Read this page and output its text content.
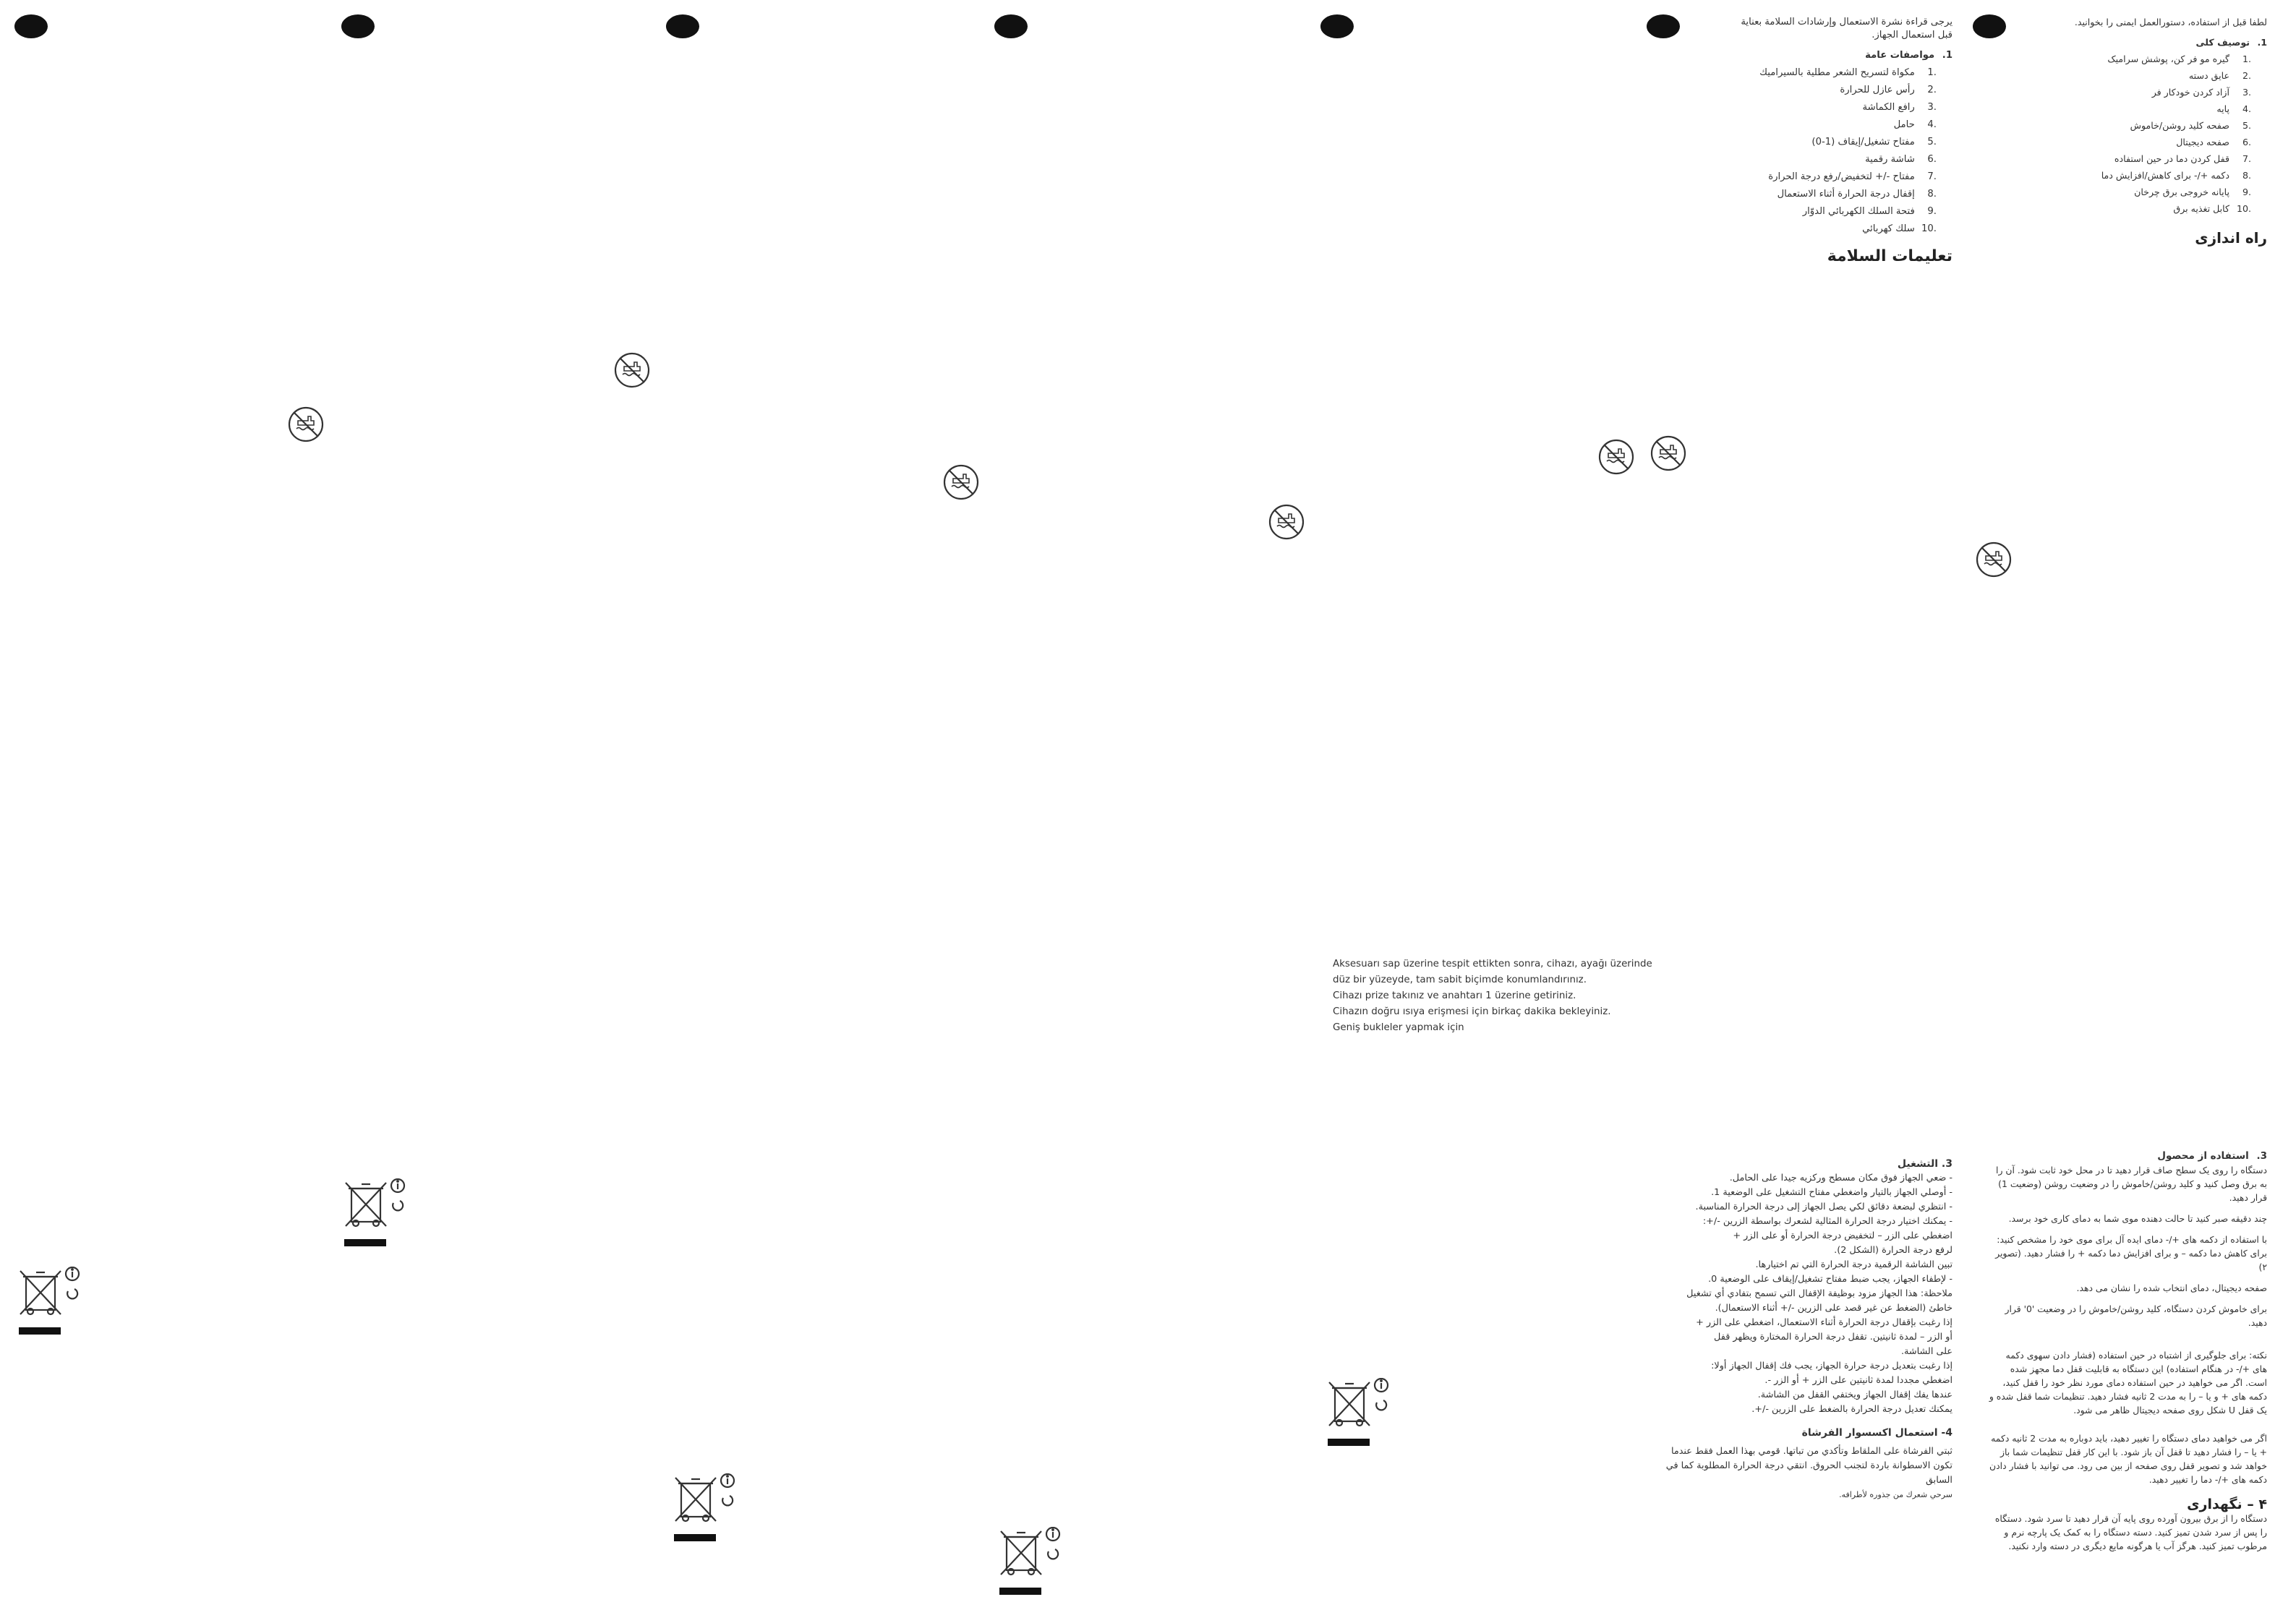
يرجى قراءة نشرة الاستعمال وإرشادات السلامة بعناية قبل استعمال الجهاز.
1. مواصفات عامة
.1 مكواة لتسريح الشعر مطلية بالسيراميك
.2 رأس عازل للحرارة
.3 رافع الكماشة
.4 حامل
.5 مفتاح تشغيل/إيقاف (1-0)
.6 شاشة رقمية
.7 مفتاح -/+ لتخفيض/رفع درجة الحرارة
.8 إقفال درجة الحرارة أثناء الاستعمال
.9 فتحة السلك الكهربائي الدوّار
.10 سلك كهربائي
تعليمات السلامة
لطفا قبل از استفاده، دستورالعمل ایمنی را بخوانید.
1. توصیف کلی
.1 گیره مو فر کن، پوشش سرامیک
.2 عایق دسته
.3 آزاد کردن خودکار فر
.4 پایه
.5 صفحه کلید روشن/خاموش
.6 صفحه دیجیتال
.7 قفل کردن دما در حین استفاده
.8 دکمه +/- برای کاهش/افزایش دما
.9 پایانه خروجی برق چرخان
.10 کابل تغذیه برق
راه اندازی
Aksesuarı sap üzerine tespit ettikten sonra, cihazı, ayağı üzerinde
düz bir yüzeyde, tam sabit biçimde konumlandırınız.
Cihazı prize takınız ve anahtarı 1 üzerine getiriniz.
Cihazın doğru ısıya erişmesi için birkaç dakika bekleyiniz.
Geniş bukleler yapmak için
3. التشغيل
- ضعي الجهاز فوق مكان مسطح وركزيه جيدا على الحامل.
- أوصلي الجهاز بالتيار واضغطي مفتاح التشغيل على الوضعية 1.
- انتظري لبضعة دقائق لكي يصل الجهاز إلى درجة الحرارة المناسبة.
- يمكنك اختيار درجة الحرارة المثالية لشعرك بواسطة الزرين -/+:
اضغطي على الزر – لتخفيض درجة الحرارة أو على الزر +
لرفع درجة الحرارة (الشكل 2).
تبين الشاشة الرقمية درجة الحرارة التي تم اختيارها.
- لإطفاء الجهاز، يجب ضبط مفتاح تشغيل/إيقاف على الوضعية 0.
ملاحظة: هذا الجهاز مزود بوظيفة الإقفال التي تسمح بتفادي أي تشغيل
خاطئ (الضغط عن غير قصد على الزرين -/+ أثناء الاستعمال).
إذا رغبت بإقفال درجة الحرارة أثناء الاستعمال، اضغطي على الزر +
أو الزر – لمدة ثانيتين. تقفل درجة الحرارة المختارة ويظهر قفل
على الشاشة.
إذا رغبت بتعديل درجة حرارة الجهاز، يجب فك إقفال الجهاز أولا:
اضغطي مجددا لمدة ثانيتين على الزر + أو الزر -.
عندها يفك إقفال الجهاز ويختفي القفل من الشاشة.
يمكنك تعديل درجة الحرارة بالضغط على الزرين -/+.
4- استعمال اكسسوار الفرشاة
ثبتي الفرشاة على الملقاط وتأكدي من تباتها. قومي بهذا العمل فقط عندما
تكون الاسطوانة باردة لتجنب الحروق. انتقي درجة الحرارة المطلوبة كما في
السابق
سرحي شعرك من جذوره لأطرافه.
3. استفاده از محصول

دستگاه را روی یک سطح صاف قرار دهید تا در محل خود ثابت شود. آن را به برق وصل کنید و کلید روشن/خاموش را در وضعیت روشن (وضعیت 1) قرار دهید.

چند دقیقه صبر کنید تا حالت دهنده موی شما به دمای کاری خود برسد.

با استفاده از دکمه های +/- دمای ایده آل برای موی خود را مشخص کنید: برای کاهش دما دکمه – و برای افزایش دما دکمه + را فشار دهید. (تصویر ۲)

صفحه دیجیتال، دمای انتخاب شده را نشان می دهد.

برای خاموش کردن دستگاه، کلید روشن/خاموش را در وضعیت '0' قرار دهید.

نکته: برای جلوگیری از اشتباه در حین استفاده (فشار دادن سهوی دکمه های +/- در هنگام استفاده) این دستگاه به قابلیت قفل دما مجهز شده است. اگر می خواهید در حین استفاده دمای مورد نظر خود را قفل کنید، دکمه های + و یا – را به مدت 2 ثانیه فشار دهید. تنظیمات شما قفل شده و یک قفل U شکل روی صفحه دیجیتال ظاهر می شود.

اگر می خواهید دمای دستگاه را تغییر دهید، باید دوباره به مدت 2 ثانیه دکمه + یا – را فشار دهید تا قفل آن باز شود. با این کار قفل تنظیمات شما باز خواهد شد و تصویر قفل روی صفحه از بین می رود. می توانید با فشار دادن دکمه های +/- دما را تغییر دهید.

۴ – نگهداری

دستگاه را از برق بیرون آورده روی پایه آن قرار دهید تا سرد شود. دستگاه را پس از سرد شدن تمیز کنید. دسته دستگاه را به کمک یک پارچه نرم و مرطوب تمیز کنید. هرگز آب یا هرگونه مایع دیگری در دسته وارد نکنید.
